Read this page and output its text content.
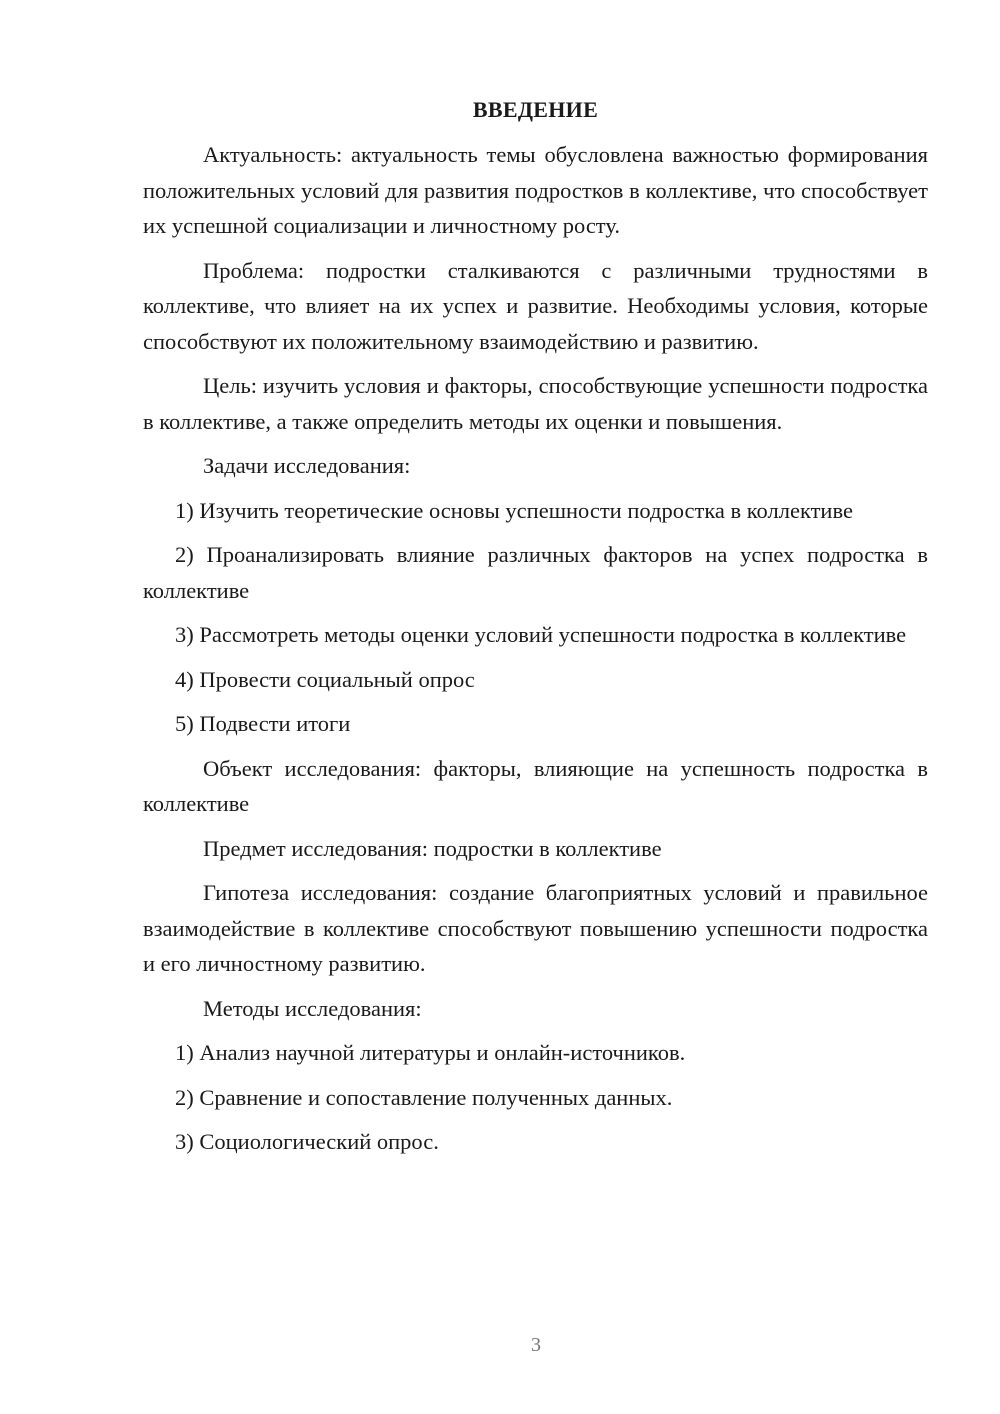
ВВЕДЕНИЕ

Актуальность: актуальность темы обусловлена важностью формирования положительных условий для развития подростков в коллективе, что способствует их успешной социализации и личностному росту.

Проблема: подростки сталкиваются с различными трудностями в коллективе, что влияет на их успех и развитие. Необходимы условия, которые способствуют их положительному взаимодействию и развитию.

Цель: изучить условия и факторы, способствующие успешности подростка в коллективе, а также определить методы их оценки и повышения.

Задачи исследования:

1) Изучить теоретические основы успешности подростка в коллективе

2) Проанализировать влияние различных факторов на успех подростка в коллективе

3) Рассмотреть методы оценки условий успешности подростка в коллективе

4) Провести социальный опрос

5) Подвести итоги

Объект исследования: факторы, влияющие на успешность подростка в коллективе

Предмет исследования: подростки в коллективе

Гипотеза исследования: создание благоприятных условий и правильное взаимодействие в коллективе способствуют повышению успешности подростка и его личностному развитию.

Методы исследования:

1) Анализ научной литературы и онлайн-источников.

2) Сравнение и сопоставление полученных данных.

3) Социологический опрос.

3
